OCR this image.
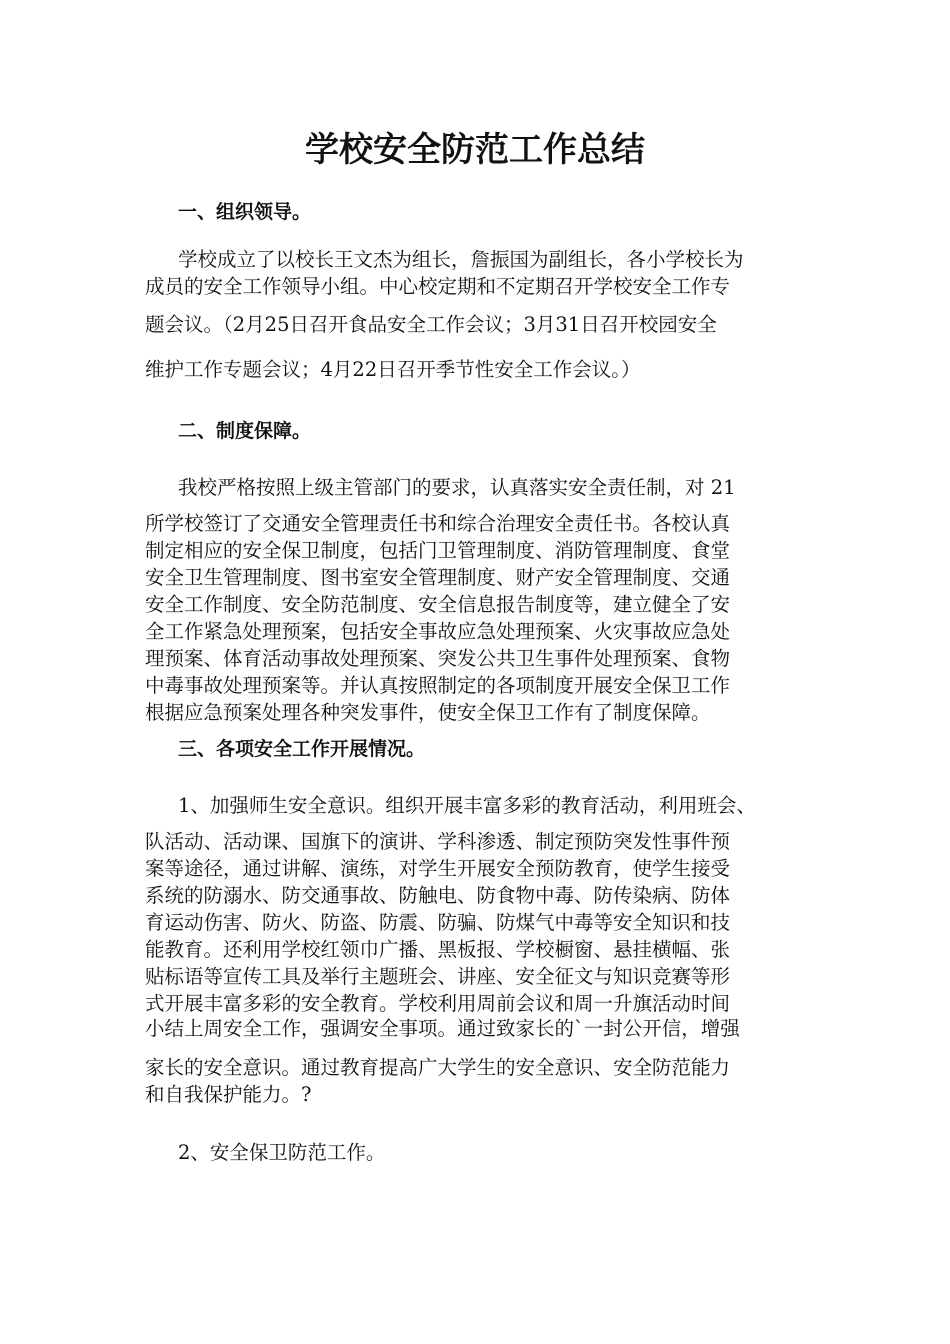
学校安全防范工作总结
一、组织领导。
学校成立了以校长王文杰为组长，詹振国为副组长，各小学校长为
成员的安全工作领导小组。中心校定期和不定期召开学校安全工作专
题会议。（2月25日召开食品安全工作会议；3月31日召开校园安全
维护工作专题会议；4月22日召开季节性安全工作会议。）
二、制度保障。
我校严格按照上级主管部门的要求，认真落实安全责任制，对 21
所学校签订了交通安全管理责任书和综合治理安全责任书。各校认真
制定相应的安全保卫制度，包括门卫管理制度、消防管理制度、食堂
安全卫生管理制度、图书室安全管理制度、财产安全管理制度、交通
安全工作制度、安全防范制度、安全信息报告制度等，建立健全了安
全工作紧急处理预案，包括安全事故应急处理预案、火灾事故应急处
理预案、体育活动事故处理预案、突发公共卫生事件处理预案、食物
中毒事故处理预案等。并认真按照制定的各项制度开展安全保卫工作
根据应急预案处理各种突发事件，使安全保卫工作有了制度保障。
三、各项安全工作开展情况。
1、加强师生安全意识。组织开展丰富多彩的教育活动，利用班会、
队活动、活动课、国旗下的演讲、学科渗透、制定预防突发性事件预
案等途径，通过讲解、演练，对学生开展安全预防教育，使学生接受
系统的防溺水、防交通事故、防触电、防食物中毒、防传染病、防体
育运动伤害、防火、防盗、防震、防骗、防煤气中毒等安全知识和技
能教育。还利用学校红领巾广播、黑板报、学校橱窗、悬挂横幅、张
贴标语等宣传工具及举行主题班会、讲座、安全征文与知识竞赛等形
式开展丰富多彩的安全教育。学校利用周前会议和周一升旗活动时间
小结上周安全工作，强调安全事项。通过致家长的`一封公开信，增强
家长的安全意识。通过教育提高广大学生的安全意识、安全防范能力
和自我保护能力。?
2、安全保卫防范工作。
